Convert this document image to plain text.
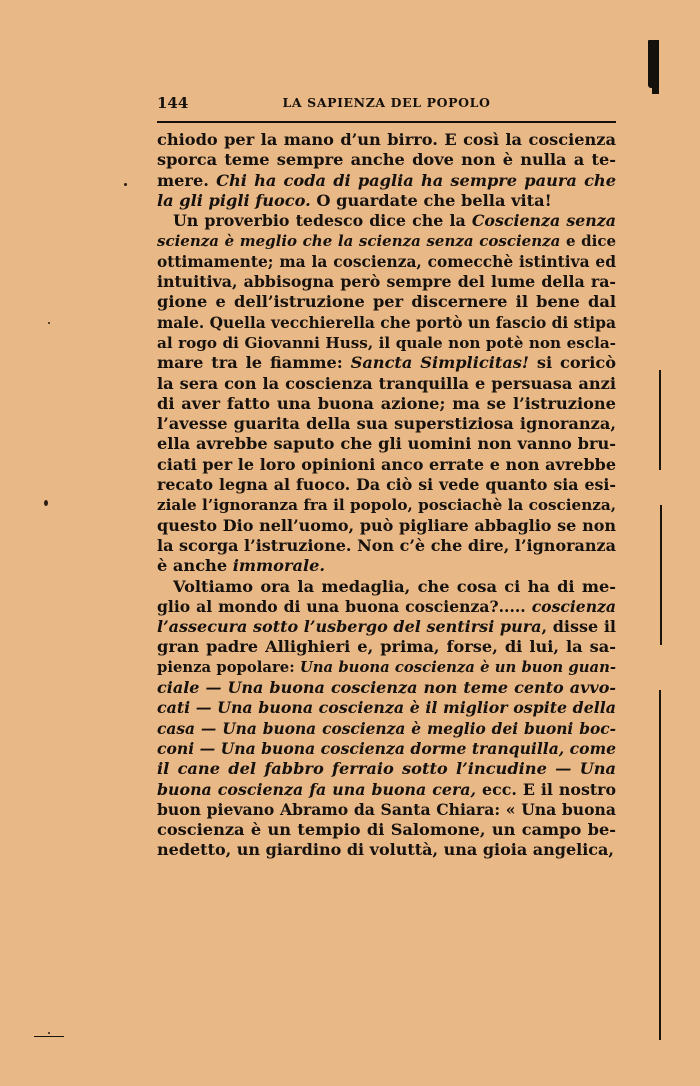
144	LA SAPIENZA DEL POPOLO
chiodo per la mano d’un birro. E così la coscienza
sporca teme sempre anche dove non è nulla a te-
mere. Chi ha coda di paglia ha sempre paura che
la gli pigli fuoco. O guardate che bella vita!
Un proverbio tedesco dice che la Coscienza senza
scienza è meglio che la scienza senza coscienza e dice
ottimamente; ma la coscienza, comecchè istintiva ed
intuitiva, abbisogna però sempre del lume della ra-
gione e dell’istruzione per discernere il bene dal
male. Quella vecchierella che portò un fascio di stipa
al rogo di Giovanni Huss, il quale non potè non escla-
mare tra le fiamme: Sancta Simplicitas! si coricò
la sera con la coscienza tranquilla e persuasa anzi
di aver fatto una buona azione; ma se l’istruzione
l’avesse guarita della sua superstiziosa ignoranza,
ella avrebbe saputo che gli uomini non vanno bru-
ciati per le loro opinioni anco errate e non avrebbe
recato legna al fuoco. Da ciò si vede quanto sia esi-
ziale l’ignoranza fra il popolo, posciachè la coscienza,
questo Dio nell’uomo, può pigliare abbaglio se non
la scorga l’istruzione. Non c’è che dire, l’ignoranza
è anche immorale.
Voltiamo ora la medaglia, che cosa ci ha di me-
glio al mondo di una buona coscienza?..... coscienza
l’assecura sotto l’usbergo del sentirsi pura, disse il
gran padre Allighieri e, prima, forse, di lui, la sa-
pienza popolare: Una buona coscienza è un buon guan-
ciale — Una buona coscienza non teme cento avvo-
cati — Una buona coscienza è il miglior ospite della
casa — Una buona coscienza è meglio dei buoni boc-
coni — Una buona coscienza dorme tranquilla, come
il cane del fabbro ferraio sotto l’incudine — Una
buona coscienza fa una buona cera, ecc. E il nostro
buon pievano Abramo da Santa Chiara: « Una buona
coscienza è un tempio di Salomone, un campo be-
nedetto, un giardino di voluttà, una gioia angelica,
